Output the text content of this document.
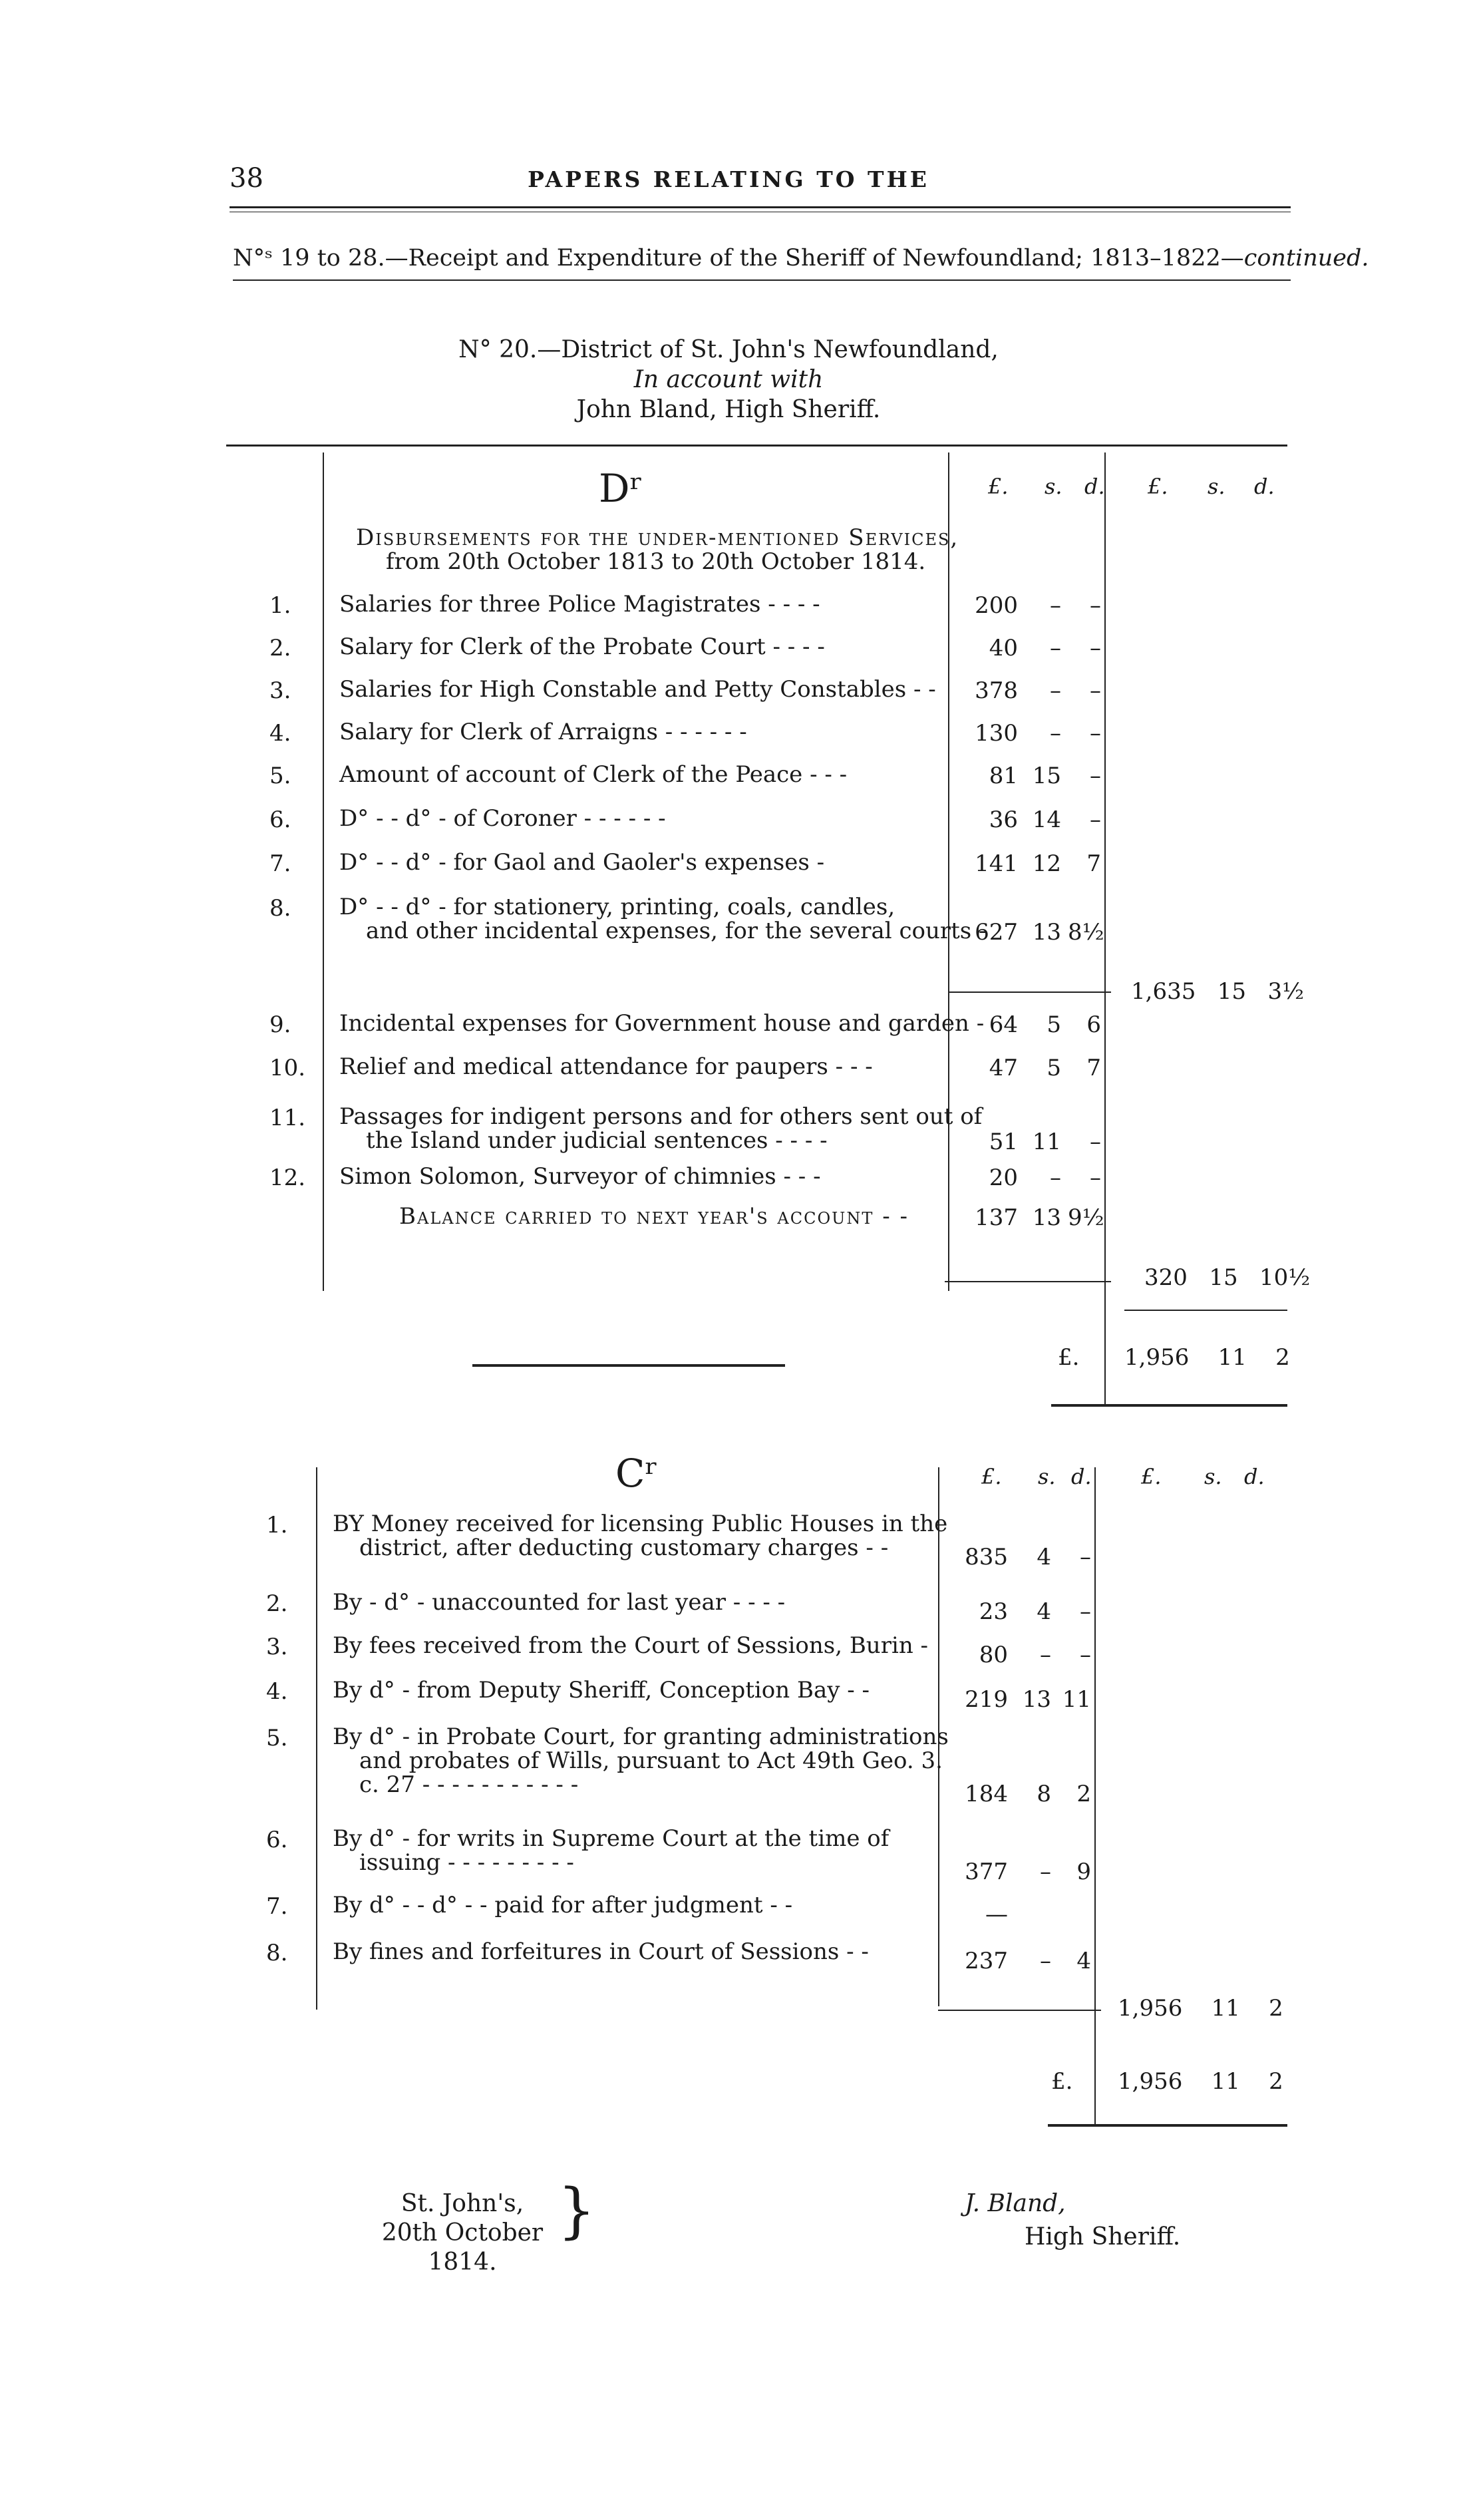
38	PAPERS RELATING TO THE
N°ˢ 19 to 28.—Receipt and Expenditure of the Sheriff of Newfoundland; 1813–1822—continued.
N° 20.—District of St. John's Newfoundland,
In account with
John Bland, High Sheriff.
Dʳ	£. s. d. £. s. d.
Disbursements for the under-mentioned Services,
from 20th October 1813 to 20th October 1814.
1. Salaries for three Police Magistrates - - - -	200	–	–
2. Salary for Clerk of the Probate Court - - - -	40	–	–
3. Salaries for High Constable and Petty Constables - -	378	–	–
4. Salary for Clerk of Arraigns - - - - - -	130	–	–
5. Amount of account of Clerk of the Peace - - -	81 15	–
6. D° - - d° - of Coroner - - - - - -	36 14	–
7. D° - - d° - for Gaol and Gaoler's expenses -	141 12	7
8. D° - - d° - for stationery, printing, coals, candles,
and other incidental expenses, for the several courts -
627 13 8½
9. Incidental expenses for Government house and garden - 64	5	6
10. Relief and medical attendance for paupers - - -	47	5	7
11. Passages for indigent persons and for others sent out of
the Island under judicial sentences - - - -	51 11	–
12. Simon Solomon, Surveyor of chimnies - - -	20	–	–
Balance carried to next year's account - -	137 13 9½
1,635 15 3½
320 15 10½
£. 1,956 11 2
Cʳ	£. s. d. £. s. d.
1. BY Money received for licensing Public Houses in the
district, after deducting customary charges - -	835	4	–
2. By - d° - unaccounted for last year - - - -	23	4	–
3. By fees received from the Court of Sessions, Burin -	80	–	–
4. By d° - from Deputy Sheriff, Conception Bay - -	219 13 11
5. By d° - in Probate Court, for granting administrations
and probates of Wills, pursuant to Act 49th Geo. 3.
c. 27 - - - - - - - - - - -	184	8	2
6. By d° - for writs in Supreme Court at the time of
issuing - - - - - - - - -	377	–	9
7. By d° - - d° - - paid for after judgment - -	—
8. By fines and forfeitures in Court of Sessions - -	237	–	4
1,956 11 2
£. 1,956 11 2
St. John's,
20th October 1814.
}	J. Bland,
High Sheriff.
